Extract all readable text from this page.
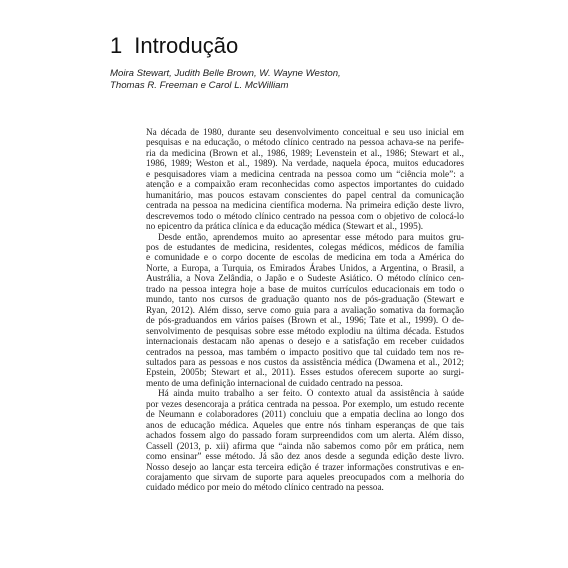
1 Introdução
Moira Stewart, Judith Belle Brown, W. Wayne Weston,
Thomas R. Freeman e Carol L. McWilliam
Na década de 1980, durante seu desenvolvimento conceitual e seu uso inicial em
pesquisas e na educação, o método clínico centrado na pessoa achava-se na perife-
ria da medicina (Brown et al., 1986, 1989; Levenstein et al., 1986; Stewart et al.,
1986, 1989; Weston et al., 1989). Na verdade, naquela época, muitos educadores
e pesquisadores viam a medicina centrada na pessoa como um “ciência mole”: a
atenção e a compaixão eram reconhecidas como aspectos importantes do cuidado
humanitário, mas poucos estavam conscientes do papel central da comunicação
centrada na pessoa na medicina científica moderna. Na primeira edição deste livro,
descrevemos todo o método clínico centrado na pessoa com o objetivo de colocá-lo
no epicentro da prática clínica e da educação médica (Stewart et al., 1995).
Desde então, aprendemos muito ao apresentar esse método para muitos gru-
pos de estudantes de medicina, residentes, colegas médicos, médicos de família
e comunidade e o corpo docente de escolas de medicina em toda a América do
Norte, a Europa, a Turquia, os Emirados Árabes Unidos, a Argentina, o Brasil, a
Austrália, a Nova Zelândia, o Japão e o Sudeste Asiático. O método clínico cen-
trado na pessoa integra hoje a base de muitos currículos educacionais em todo o
mundo, tanto nos cursos de graduação quanto nos de pós-graduação (Stewart e
Ryan, 2012). Além disso, serve como guia para a avaliação somativa da formação
de pós-graduandos em vários países (Brown et al., 1996; Tate et al., 1999). O de-
senvolvimento de pesquisas sobre esse método explodiu na última década. Estudos
internacionais destacam não apenas o desejo e a satisfação em receber cuidados
centrados na pessoa, mas também o impacto positivo que tal cuidado tem nos re-
sultados para as pessoas e nos custos da assistência médica (Dwamena et al., 2012;
Epstein, 2005b; Stewart et al., 2011). Esses estudos oferecem suporte ao surgi-
mento de uma definição internacional de cuidado centrado na pessoa.
Há ainda muito trabalho a ser feito. O contexto atual da assistência à saúde
por vezes desencoraja a prática centrada na pessoa. Por exemplo, um estudo recente
de Neumann e colaboradores (2011) concluiu que a empatia declina ao longo dos
anos de educação médica. Aqueles que entre nós tinham esperanças de que tais
achados fossem algo do passado foram surpreendidos com um alerta. Além disso,
Cassell (2013, p. xii) afirma que “ainda não sabemos como pôr em prática, nem
como ensinar” esse método. Já são dez anos desde a segunda edição deste livro.
Nosso desejo ao lançar esta terceira edição é trazer informações construtivas e en-
corajamento que sirvam de suporte para aqueles preocupados com a melhoria do
cuidado médico por meio do método clínico centrado na pessoa.
